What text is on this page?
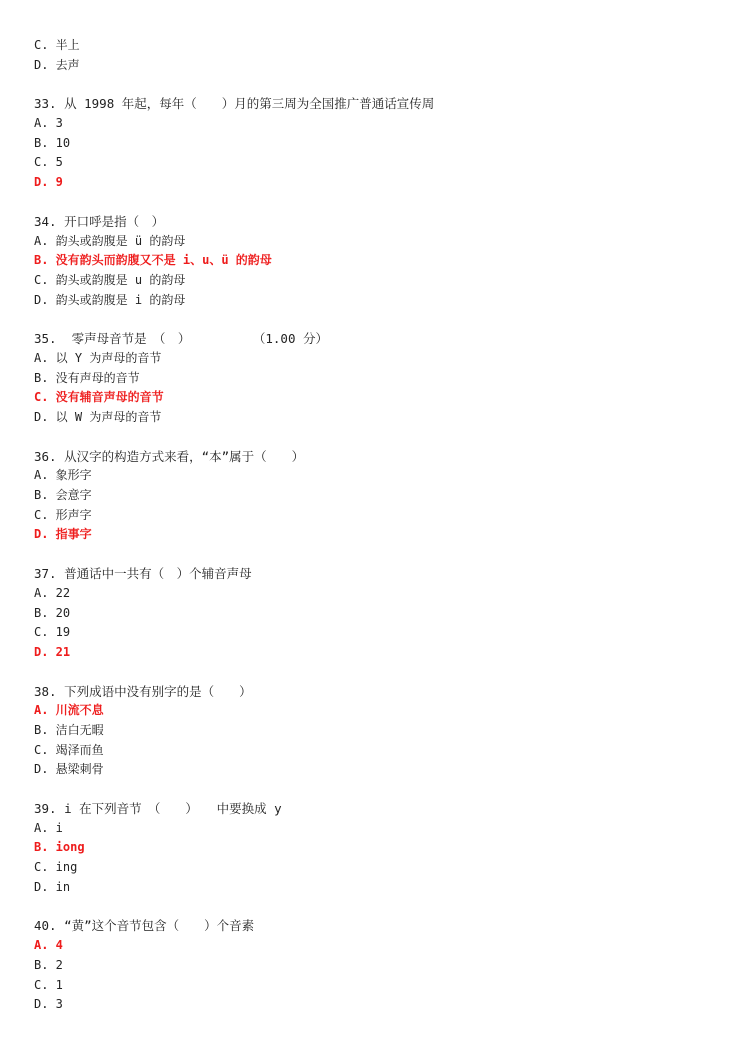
C. 半上
D. 去声
33. 从 1998 年起，每年（　　）月的第三周为全国推广普通话宣传周
A. 3
B. 10
C. 5
D. 9
34. 开口呼是指（　）
A. 韵头或韵腹是 ü 的韵母
B. 没有韵头而韵腹又不是 i、u、ü 的韵母
C. 韵头或韵腹是 u 的韵母
D. 韵头或韵腹是 i 的韵母
35.  零声母音节是　（　）　　　　　　（1.00 分）
A. 以 Y 为声母的音节
B. 没有声母的音节
C. 没有辅音声母的音节
D. 以 W 为声母的音节
36. 从汉字的构造方式来看，“本”属于（　　）
A. 象形字
B. 会意字
C. 形声字
D. 指事字
37. 普通话中一共有（　）个辅音声母
A. 22
B. 20
C. 19
D. 21
38. 下列成语中没有别字的是（　　）
A. 川流不息
B. 洁白无暇
C. 竭泽而鱼
D. 悬梁刺骨
39. i 在下列音节　（　　）　　中要换成 y
A. i
B. iong
C. ing
D. in
40. “黄”这个音节包含（　　）个音素
A. 4
B. 2
C. 1
D. 3
